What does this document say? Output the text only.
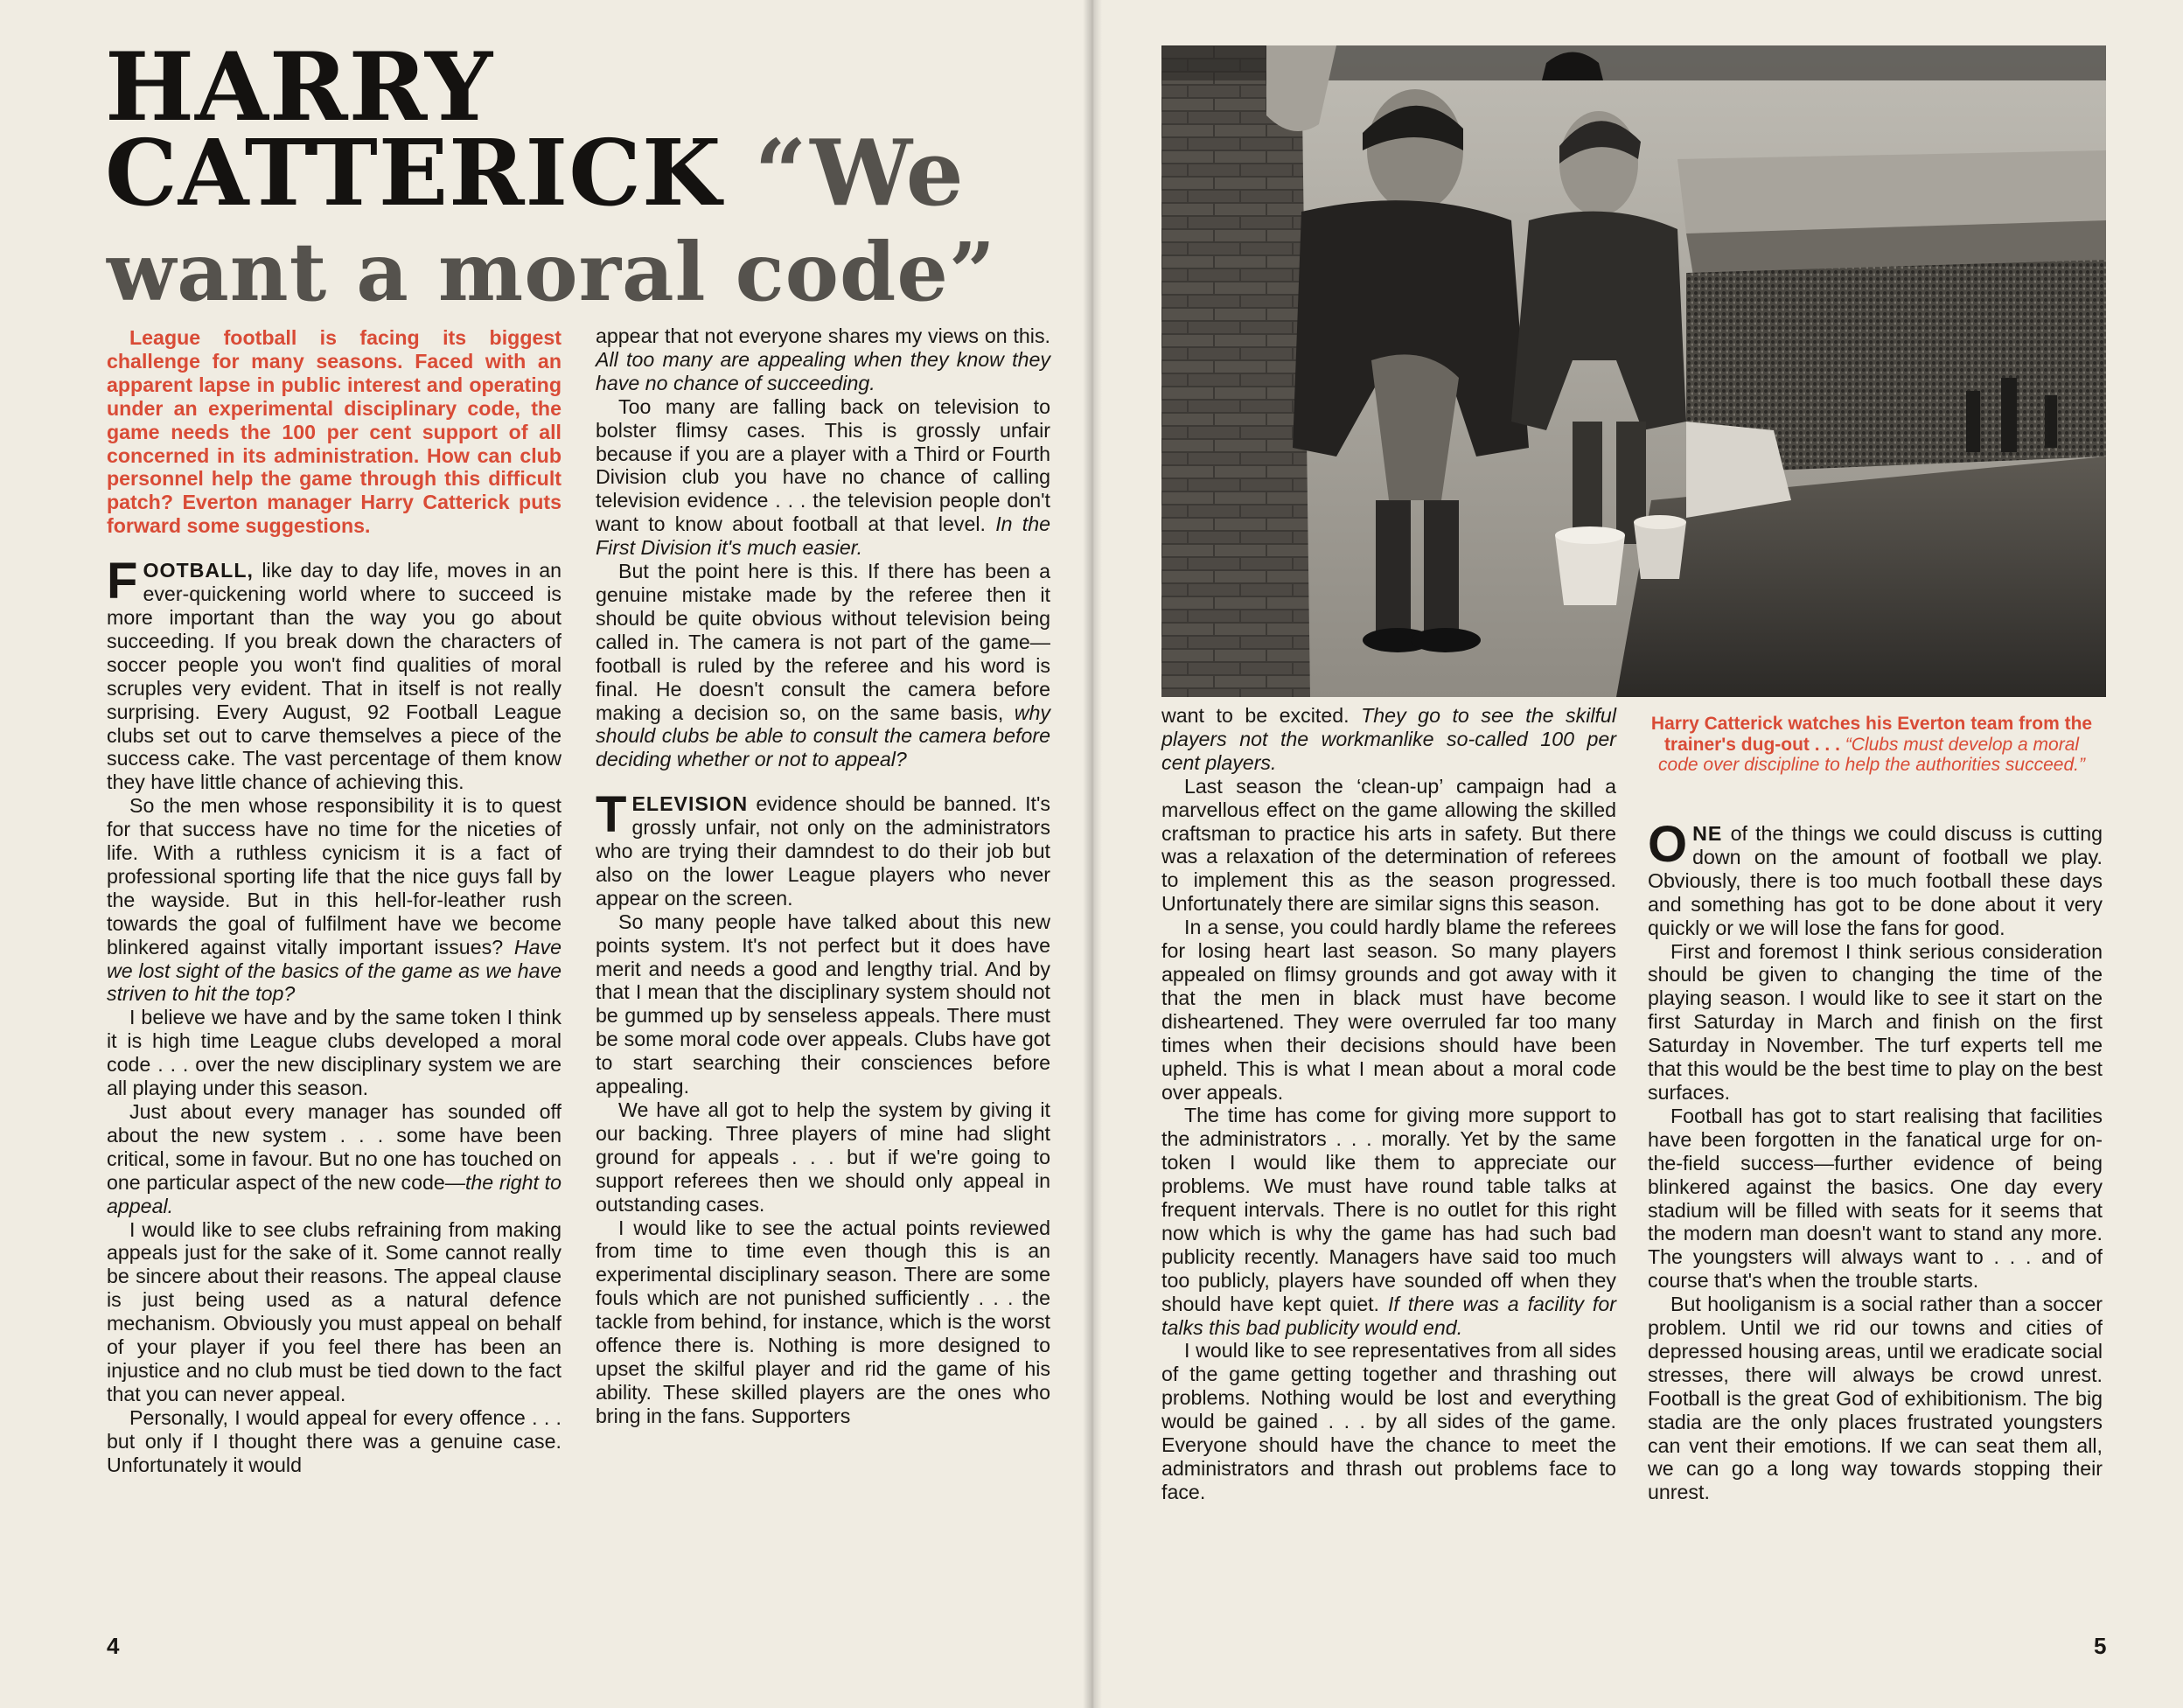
HARRY
CATTERICK “We
want a moral code”

League football is facing its biggest challenge for many seasons. Faced with an apparent lapse in public interest and operating under an experimental disciplinary code, the game needs the 100 per cent support of all concerned in its administration. How can club personnel help the game through this difficult patch? Everton manager Harry Catterick puts forward some suggestions.

FOOTBALL, like day to day life, moves in an ever-quickening world where to succeed is more important than the way you go about succeeding. If you break down the characters of soccer people you won't find qualities of moral scruples very evident. That in itself is not really surprising. Every August, 92 Football League clubs set out to carve themselves a piece of the success cake. The vast percentage of them know they have little chance of achieving this.

So the men whose responsibility it is to quest for that success have no time for the niceties of life. With a ruthless cynicism it is a fact of professional sporting life that the nice guys fall by the wayside. But in this hell-for-leather rush towards the goal of fulfilment have we become blinkered against vitally important issues? Have we lost sight of the basics of the game as we have striven to hit the top?

I believe we have and by the same token I think it is high time League clubs developed a moral code . . . over the new disciplinary system we are all playing under this season.

Just about every manager has sounded off about the new system . . . some have been critical, some in favour. But no one has touched on one particular aspect of the new code—the right to appeal.

I would like to see clubs refraining from making appeals just for the sake of it. Some cannot really be sincere about their reasons. The appeal clause is just being used as a natural defence mechanism. Obviously you must appeal on behalf of your player if you feel there has been an injustice and no club must be tied down to the fact that you can never appeal.

Personally, I would appeal for every offence . . . but only if I thought there was a genuine case. Unfortunately it would

appear that not everyone shares my views on this. All too many are appealing when they know they have no chance of succeeding.

Too many are falling back on television to bolster flimsy cases. This is grossly unfair because if you are a player with a Third or Fourth Division club you have no chance of calling television evidence . . . the television people don't want to know about football at that level. In the First Division it's much easier.

But the point here is this. If there has been a genuine mistake made by the referee then it should be quite obvious without television being called in. The camera is not part of the game—football is ruled by the referee and his word is final. He doesn't consult the camera before making a decision so, on the same basis, why should clubs be able to consult the camera before deciding whether or not to appeal?

TELEVISION evidence should be banned. It's grossly unfair, not only on the administrators who are trying their damndest to do their job but also on the lower League players who never appear on the screen.

So many people have talked about this new points system. It's not perfect but it does have merit and needs a good and lengthy trial. And by that I mean that the disciplinary system should not be gummed up by senseless appeals. There must be some moral code over appeals. Clubs have got to start searching their consciences before appealing.

We have all got to help the system by giving it our backing. Three players of mine had slight ground for appeals . . . but if we're going to support referees then we should only appeal in outstanding cases.

I would like to see the actual points reviewed from time to time even though this is an experimental disciplinary season. There are some fouls which are not punished sufficiently . . . the tackle from behind, for instance, which is the worst offence there is. Nothing is more designed to upset the skilful player and rid the game of his ability. These skilled players are the ones who bring in the fans. Supporters

4

want to be excited. They go to see the skilful players not the workmanlike so-called 100 per cent players.

Last season the ‘clean-up’ campaign had a marvellous effect on the game allowing the skilled craftsman to practice his arts in safety. But there was a relaxation of the determination of referees to implement this as the season progressed. Unfortunately there are similar signs this season.

In a sense, you could hardly blame the referees for losing heart last season. So many players appealed on flimsy grounds and got away with it that the men in black must have become disheartened. They were overruled far too many times when their decisions should have been upheld. This is what I mean about a moral code over appeals.

The time has come for giving more support to the administrators . . . morally. Yet by the same token I would like them to appreciate our problems. We must have round table talks at frequent intervals. There is no outlet for this right now which is why the game has had such bad publicity recently. Managers have said too much too publicly, players have sounded off when they should have kept quiet. If there was a facility for talks this bad publicity would end.

I would like to see representatives from all sides of the game getting together and thrashing out problems. Nothing would be lost and everything would be gained . . . by all sides of the game. Everyone should have the chance to meet the administrators and thrash out problems face to face.

Harry Catterick watches his Everton team from the trainer's dug-out . . . “Clubs must develop a moral code over discipline to help the authorities succeed.”

ONE of the things we could discuss is cutting down on the amount of football we play. Obviously, there is too much football these days and something has got to be done about it very quickly or we will lose the fans for good.

First and foremost I think serious consideration should be given to changing the time of the playing season. I would like to see it start on the first Saturday in March and finish on the first Saturday in November. The turf experts tell me that this would be the best time to play on the best surfaces.

Football has got to start realising that facilities have been forgotten in the fanatical urge for on-the-field success—further evidence of being blinkered against the basics. One day every stadium will be filled with seats for it seems that the modern man doesn't want to stand any more. The youngsters will always want to . . . and of course that's when the trouble starts.

But hooliganism is a social rather than a soccer problem. Until we rid our towns and cities of depressed housing areas, until we eradicate social stresses, there will always be crowd unrest. Football is the great God of exhibitionism. The big stadia are the only places frustrated youngsters can vent their emotions. If we can seat them all, we can go a long way towards stopping their unrest.

5
